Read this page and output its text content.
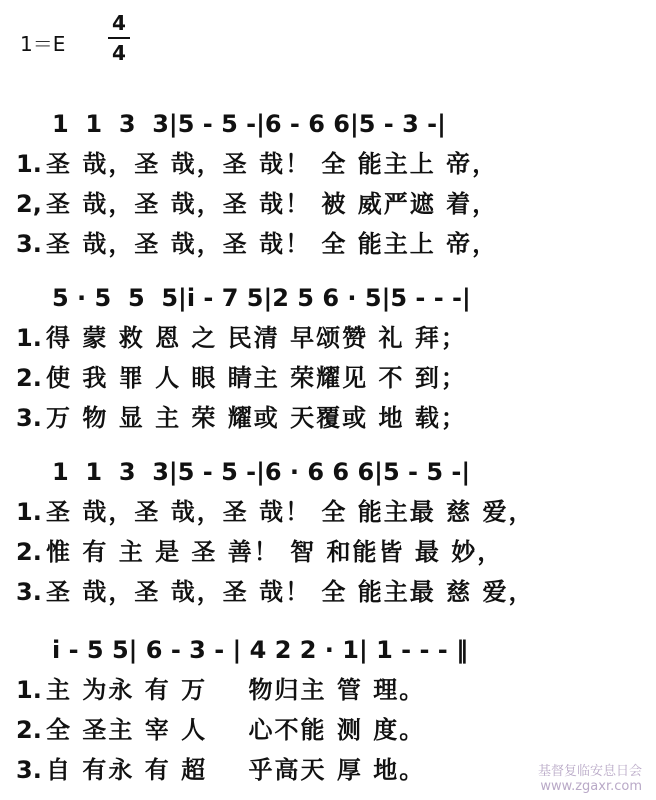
1＝E
4
4
1  1  3  3|5 - 5 -|6 - 6 6|5 - 3 -|
1. 圣 哉，圣 哉，圣 哉！ 全 能主上 帝，
2, 圣 哉，圣 哉，圣 哉！ 被 威严遮 着，
3. 圣 哉，圣 哉，圣 哉！ 全 能主上 帝，
5 · 5  5  5|i - 7 5|2 5 6 · 5|5 - - -|
1. 得 蒙 救 恩 之 民清 早颂赞 礼 拜；
2. 使 我 罪 人 眼 睛主 荣耀见 不 到；
3. 万 物 显 主 荣 耀或 天覆或 地 载；
1  1  3  3|5 - 5 -|6 · 6 6 6|5 - 5 -|
1. 圣 哉，圣 哉，圣 哉！ 全 能主最 慈 爱，
2. 惟 有 主 是 圣 善！ 智 和能皆 最 妙，
3. 圣 哉，圣 哉，圣 哉！ 全 能主最 慈 爱，
i - 5 5| 6 - 3 - | 4 2 2 · 1| 1 - - - ‖
1. 主 为永 有 万    物归主 管 理。
2. 全 圣主 宰 人    心不能 测 度。
3. 自 有永 有 超    乎高天 厚 地。	基督复临安息日会
www.zgaxr.com
